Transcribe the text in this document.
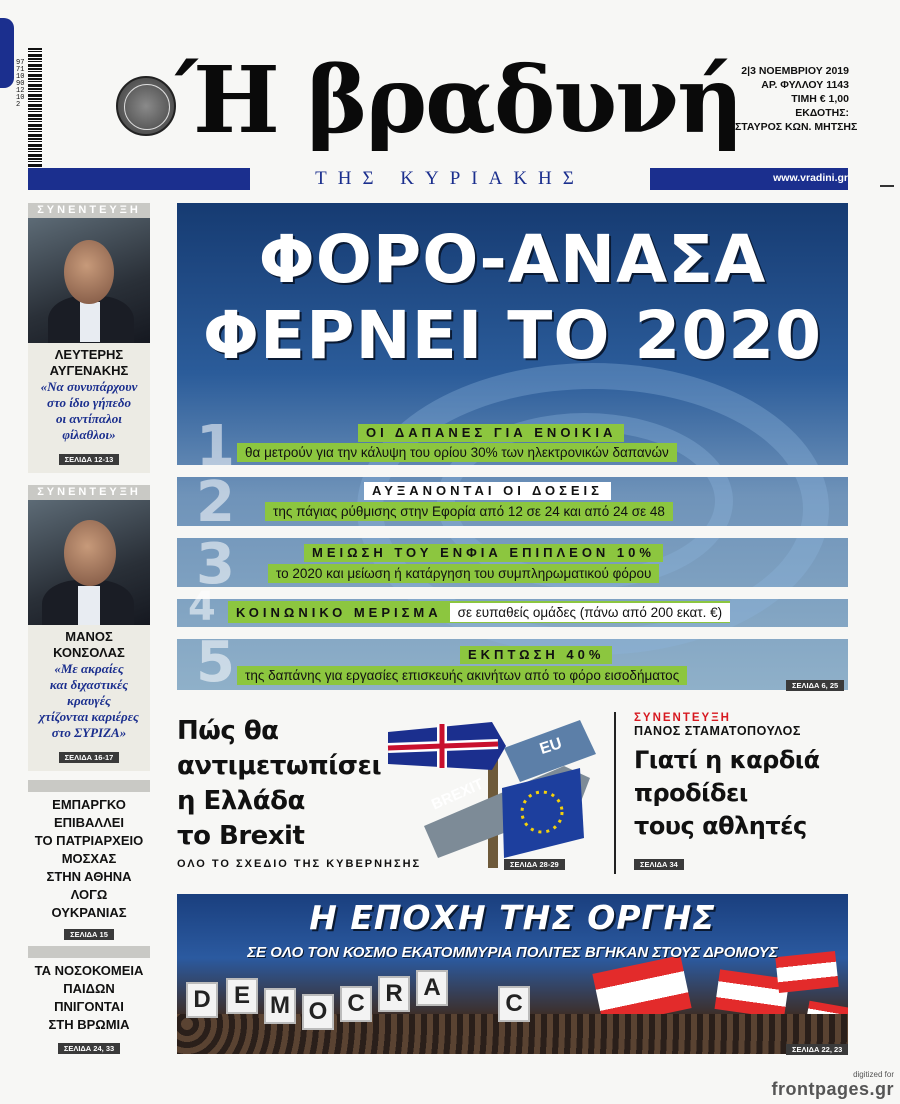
9771109012102 Ή βραδυνή 2|3 ΝΟΕΜΒΡΙΟΥ 2019
ΑΡ. ΦΥΛΛΟΥ 1143
ΤΙΜΗ € 1,00
ΕΚΔΟΤΗΣ:
ΣΤΑΥΡΟΣ ΚΩΝ. ΜΗΤΣΗΣ
ΤΗΣ ΚΥΡΙΑΚΗΣ	www.vradini.gr
ΣΥΝΕΝΤΕΥΞΗ
ΛΕΥΤΕΡΗΣ
ΑΥΓΕΝΑΚΗΣ
«Να συνυπάρχουν
στο ίδιο γήπεδο
οι αντίπαλοι
φίλαθλοι»
ΣΕΛΙΔΑ 12-13
ΣΥΝΕΝΤΕΥΞΗ
ΜΑΝΟΣ
ΚΟΝΣΟΛΑΣ
«Με ακραίες
και διχαστικές
κραυγές
χτίζονται καριέρες
στο ΣΥΡΙΖΑ»
ΣΕΛΙΔΑ 16-17
ΕΜΠΑΡΓΚΟ
ΕΠΙΒΑΛΛΕΙ
ΤΟ ΠΑΤΡΙΑΡΧΕΙΟ
ΜΟΣΧΑΣ
ΣΤΗΝ ΑΘΗΝΑ
ΛΟΓΩ
ΟΥΚΡΑΝΙΑΣ
ΣΕΛΙΔΑ 15
ΤΑ ΝΟΣΟΚΟΜΕΙΑ
ΠΑΙΔΩΝ
ΠΝΙΓΟΝΤΑΙ
ΣΤΗ ΒΡΩΜΙΑ
ΣΕΛΙΔΑ 24, 33
ΦΟΡΟ-ΑΝΑΣΑ
ΦΕΡΝΕΙ ΤΟ 2020
1
2
3
4
5
ΟΙ ΔΑΠΑΝΕΣ ΓΙΑ ΕΝΟΙΚΙΑ
θα μετρούν για την κάλυψη του ορίου 30% των ηλεκτρονικών δαπανών
ΑΥΞΑΝΟΝΤΑΙ ΟΙ ΔΟΣΕΙΣ
της πάγιας ρύθμισης στην Εφορία από 12 σε 24 και από 24 σε 48
ΜΕΙΩΣΗ ΤΟΥ ΕΝΦΙΑ ΕΠΙΠΛΕΟΝ 10%
το 2020 και μείωση ή κατάργηση του συμπληρωματικού φόρου
ΚΟΙΝΩΝΙΚΟ ΜΕΡΙΣΜΑ	σε ευπαθείς ομάδες (πάνω από 200 εκατ. €)
ΕΚΠΤΩΣΗ 40%
της δαπάνης για εργασίες επισκευής ακινήτων από το φόρο εισοδήματος
ΣΕΛΙΔΑ 6, 25
Πώς θα
αντιμετωπίσει
η Ελλάδα
το Brexit
ΟΛΟ ΤΟ ΣΧΕΔΙΟ ΤΗΣ ΚΥΒΕΡΝΗΣΗΣ
BREXIT
EU
ΣΕΛΙΔΑ 28-29
ΣΥΝΕΝΤΕΥΞΗ
ΠΑΝΟΣ ΣΤΑΜΑΤΟΠΟΥΛΟΣ
Γιατί η καρδιά
προδίδει
τους αθλητές
ΣΕΛΙΔΑ 34
Η ΕΠΟΧΗ ΤΗΣ ΟΡΓΗΣ
ΣΕ ΟΛΟ ΤΟΝ ΚΟΣΜΟ ΕΚΑΤΟΜΜΥΡΙΑ ΠΟΛΙΤΕΣ ΒΓΗΚΑΝ ΣΤΟΥΣ ΔΡΟΜΟΥΣ
D E M O C R A
C
ΣΕΛΙΔΑ 22, 23
digitized for
frontpages.gr
